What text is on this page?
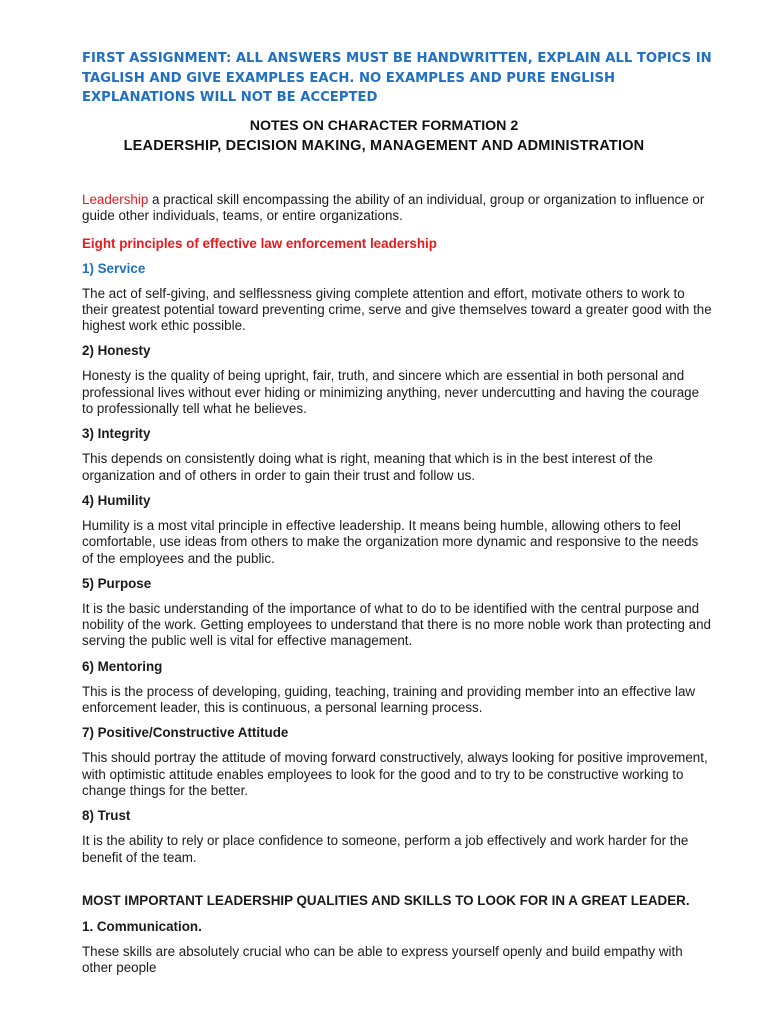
FIRST ASSIGNMENT: ALL ANSWERS MUST BE HANDWRITTEN, EXPLAIN ALL TOPICS IN TAGLISH AND GIVE EXAMPLES EACH. NO EXAMPLES AND PURE ENGLISH EXPLANATIONS WILL NOT BE ACCEPTED
NOTES ON CHARACTER FORMATION 2
LEADERSHIP, DECISION MAKING, MANAGEMENT AND ADMINISTRATION

Leadership a practical skill encompassing the ability of an individual, group or organization to influence or guide other individuals, teams, or entire organizations.

Eight principles of effective law enforcement leadership

1) Service

The act of self-giving, and selflessness giving complete attention and effort, motivate others to work to their greatest potential toward preventing crime, serve and give themselves toward a greater good with the highest work ethic possible.

2) Honesty

Honesty is the quality of being upright, fair, truth, and sincere which are essential in both personal and professional lives without ever hiding or minimizing anything, never undercutting and having the courage to professionally tell what he believes.

3) Integrity

This depends on consistently doing what is right, meaning that which is in the best interest of the organization and of others in order to gain their trust and follow us.

4) Humility

Humility is a most vital principle in effective leadership. It means being humble, allowing others to feel comfortable, use ideas from others to make the organization more dynamic and responsive to the needs of the employees and the public.

5) Purpose

It is the basic understanding of the importance of what to do to be identified with the central purpose and nobility of the work. Getting employees to understand that there is no more noble work than protecting and serving the public well is vital for effective management.

6) Mentoring

This is the process of developing, guiding, teaching, training and providing member into an effective law enforcement leader, this is continuous, a personal learning process.

7) Positive/Constructive Attitude

This should portray the attitude of moving forward constructively, always looking for positive improvement, with optimistic attitude enables employees to look for the good and to try to be constructive working to change things for the better.

8) Trust

It is the ability to rely or place confidence to someone, perform a job effectively and work harder for the benefit of the team.

MOST IMPORTANT LEADERSHIP QUALITIES AND SKILLS TO LOOK FOR IN A GREAT LEADER.

1. Communication.

These skills are absolutely crucial who can be able to express yourself openly and build empathy with other people
